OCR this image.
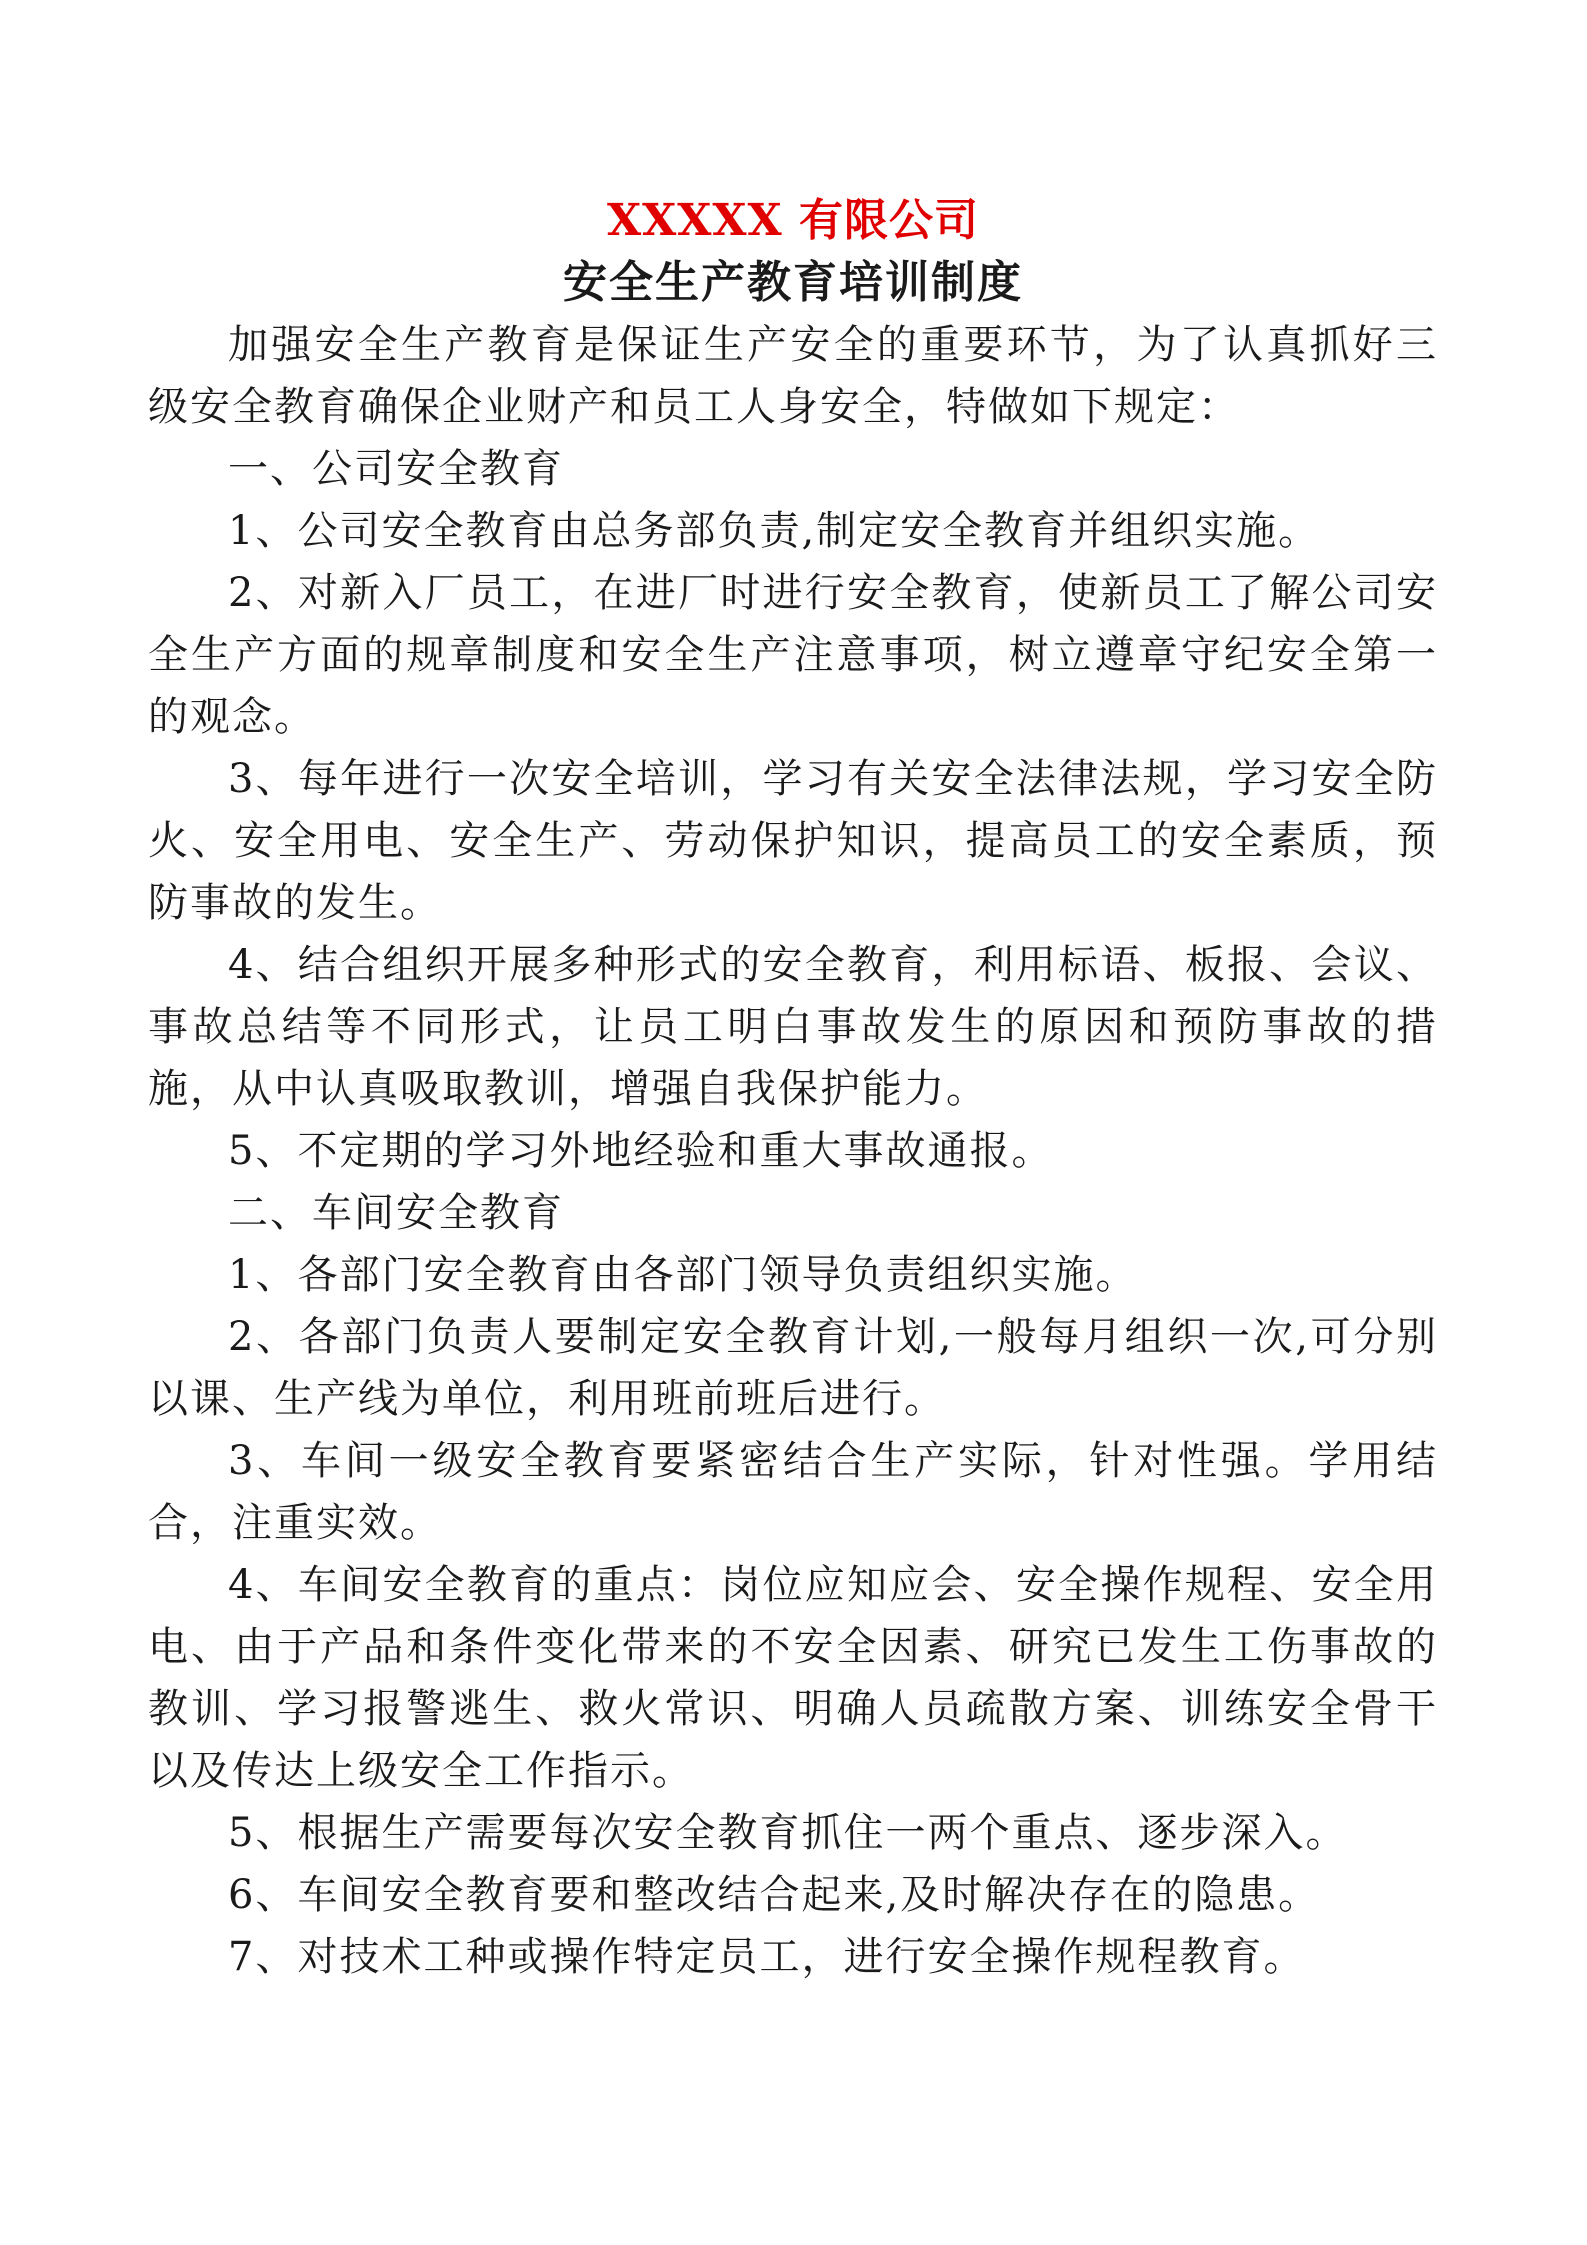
XXXXX 有限公司
安全生产教育培训制度

加强安全生产教育是保证生产安全的重要环节，为了认真抓好三级安全教育确保企业财产和员工人身安全，特做如下规定：

一、公司安全教育

1、公司安全教育由总务部负责,制定安全教育并组织实施。

2、对新入厂员工，在进厂时进行安全教育，使新员工了解公司安全生产方面的规章制度和安全生产注意事项，树立遵章守纪安全第一的观念。

3、每年进行一次安全培训，学习有关安全法律法规，学习安全防火、安全用电、安全生产、劳动保护知识，提高员工的安全素质，预防事故的发生。

4、结合组织开展多种形式的安全教育，利用标语、板报、会议、事故总结等不同形式，让员工明白事故发生的原因和预防事故的措施，从中认真吸取教训，增强自我保护能力。

5、不定期的学习外地经验和重大事故通报。

二、车间安全教育

1、各部门安全教育由各部门领导负责组织实施。

2、各部门负责人要制定安全教育计划,一般每月组织一次,可分别以课、生产线为单位，利用班前班后进行。

3、车间一级安全教育要紧密结合生产实际，针对性强。学用结合，注重实效。

4、车间安全教育的重点：岗位应知应会、安全操作规程、安全用电、由于产品和条件变化带来的不安全因素、研究已发生工伤事故的教训、学习报警逃生、救火常识、明确人员疏散方案、训练安全骨干以及传达上级安全工作指示。

5、根据生产需要每次安全教育抓住一两个重点、逐步深入。

6、车间安全教育要和整改结合起来,及时解决存在的隐患。

7、对技术工种或操作特定员工，进行安全操作规程教育。
